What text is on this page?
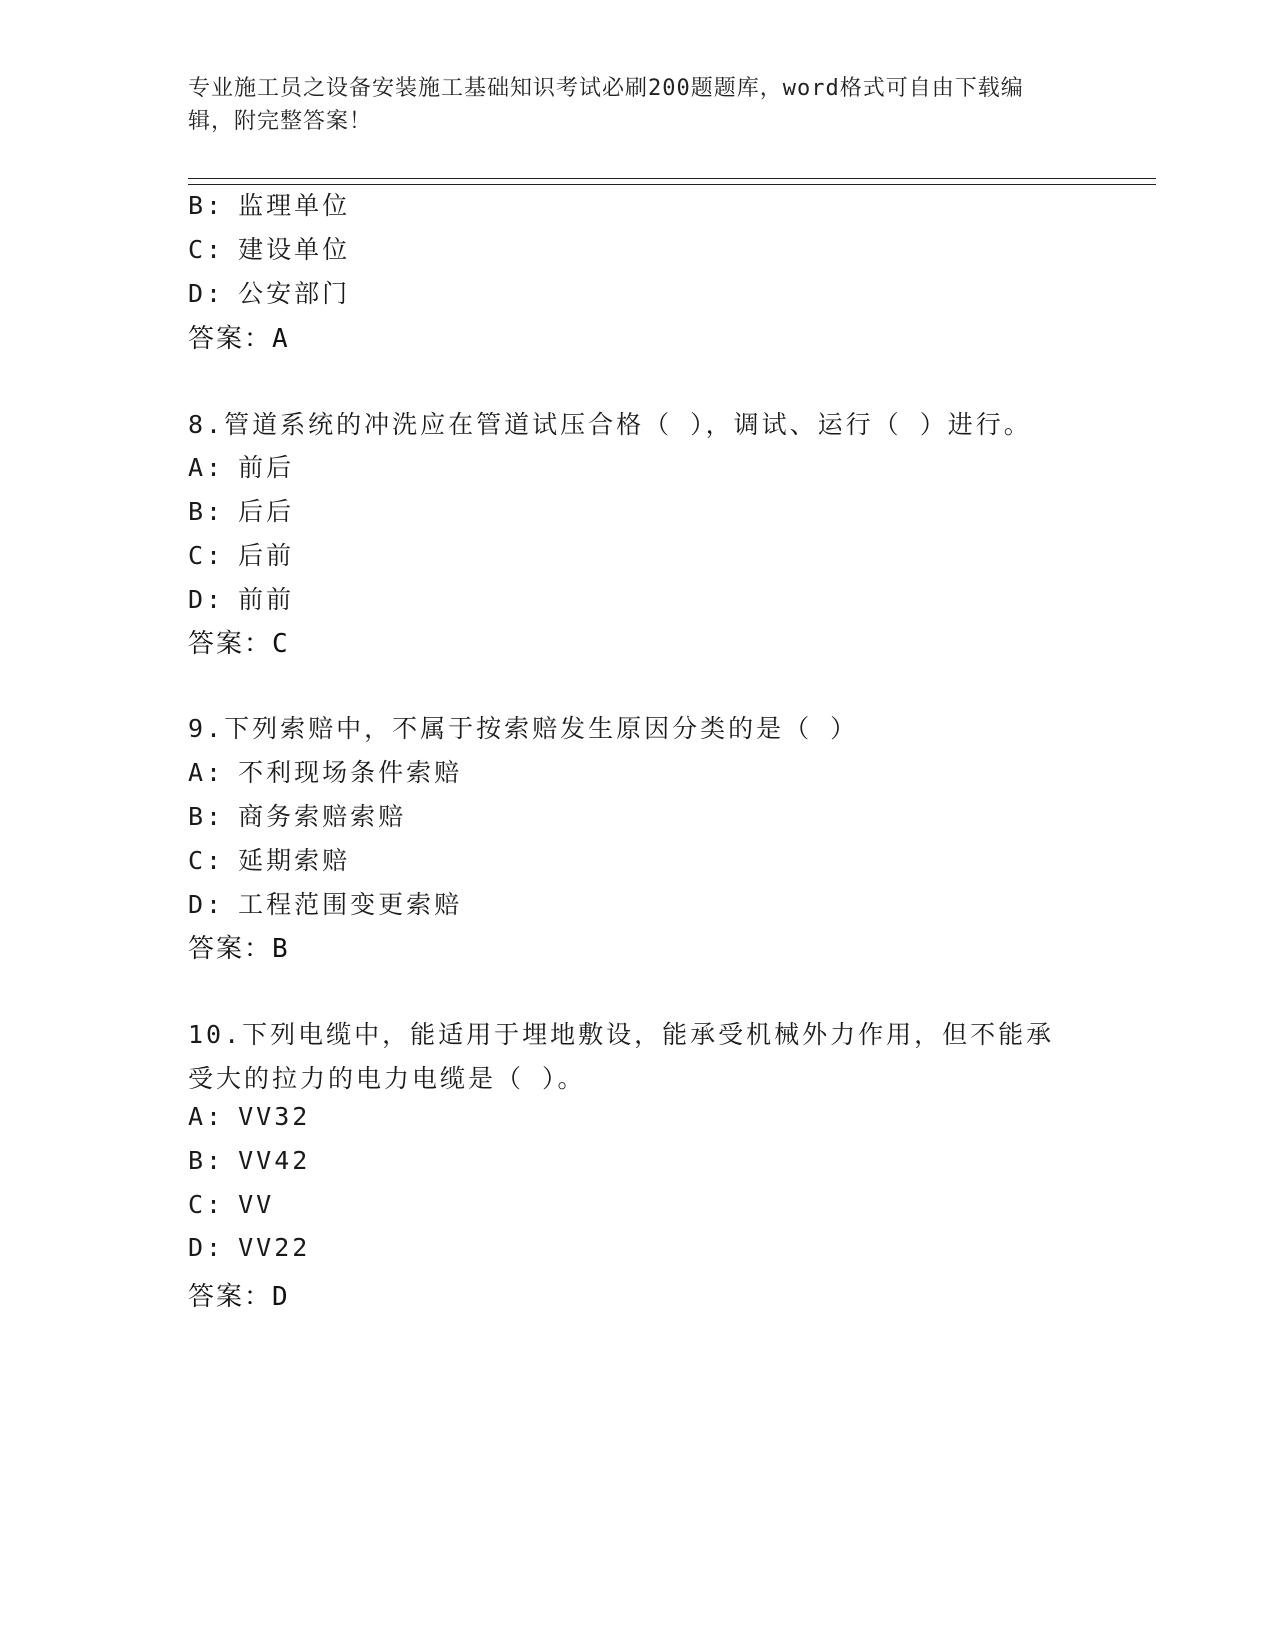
专业施工员之设备安装施工基础知识考试必刷200题题库，word格式可自由下载编辑，附完整答案！
B: 监理单位
C: 建设单位
D: 公安部门
答案：A
8.管道系统的冲洗应在管道试压合格（ ），调试、运行（ ）进行。
A: 前后
B: 后后
C: 后前
D: 前前
答案：C
9.下列索赔中，不属于按索赔发生原因分类的是（ ）
A: 不利现场条件索赔
B: 商务索赔索赔
C: 延期索赔
D: 工程范围变更索赔
答案：B
10.下列电缆中，能适用于埋地敷设，能承受机械外力作用，但不能承
受大的拉力的电力电缆是（ ）。
A: VV32
B: VV42
C: VV
D: VV22
答案：D
